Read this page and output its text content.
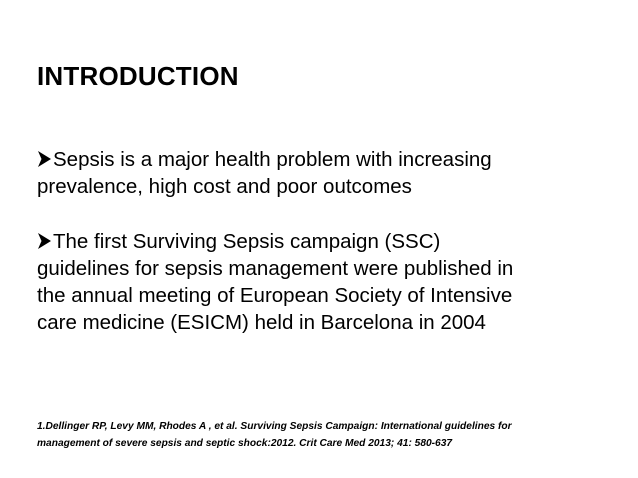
INTRODUCTION
Sepsis is a major health problem with increasing
prevalence, high cost and poor outcomes
The first Surviving Sepsis campaign (SSC)
guidelines for sepsis management were published in
the annual meeting of European Society of Intensive
care medicine (ESICM) held in Barcelona in 2004
1.Dellinger RP, Levy MM, Rhodes A , et al. Surviving Sepsis Campaign: International guidelines for
management of severe sepsis and septic shock:2012. Crit Care Med 2013; 41: 580-637
